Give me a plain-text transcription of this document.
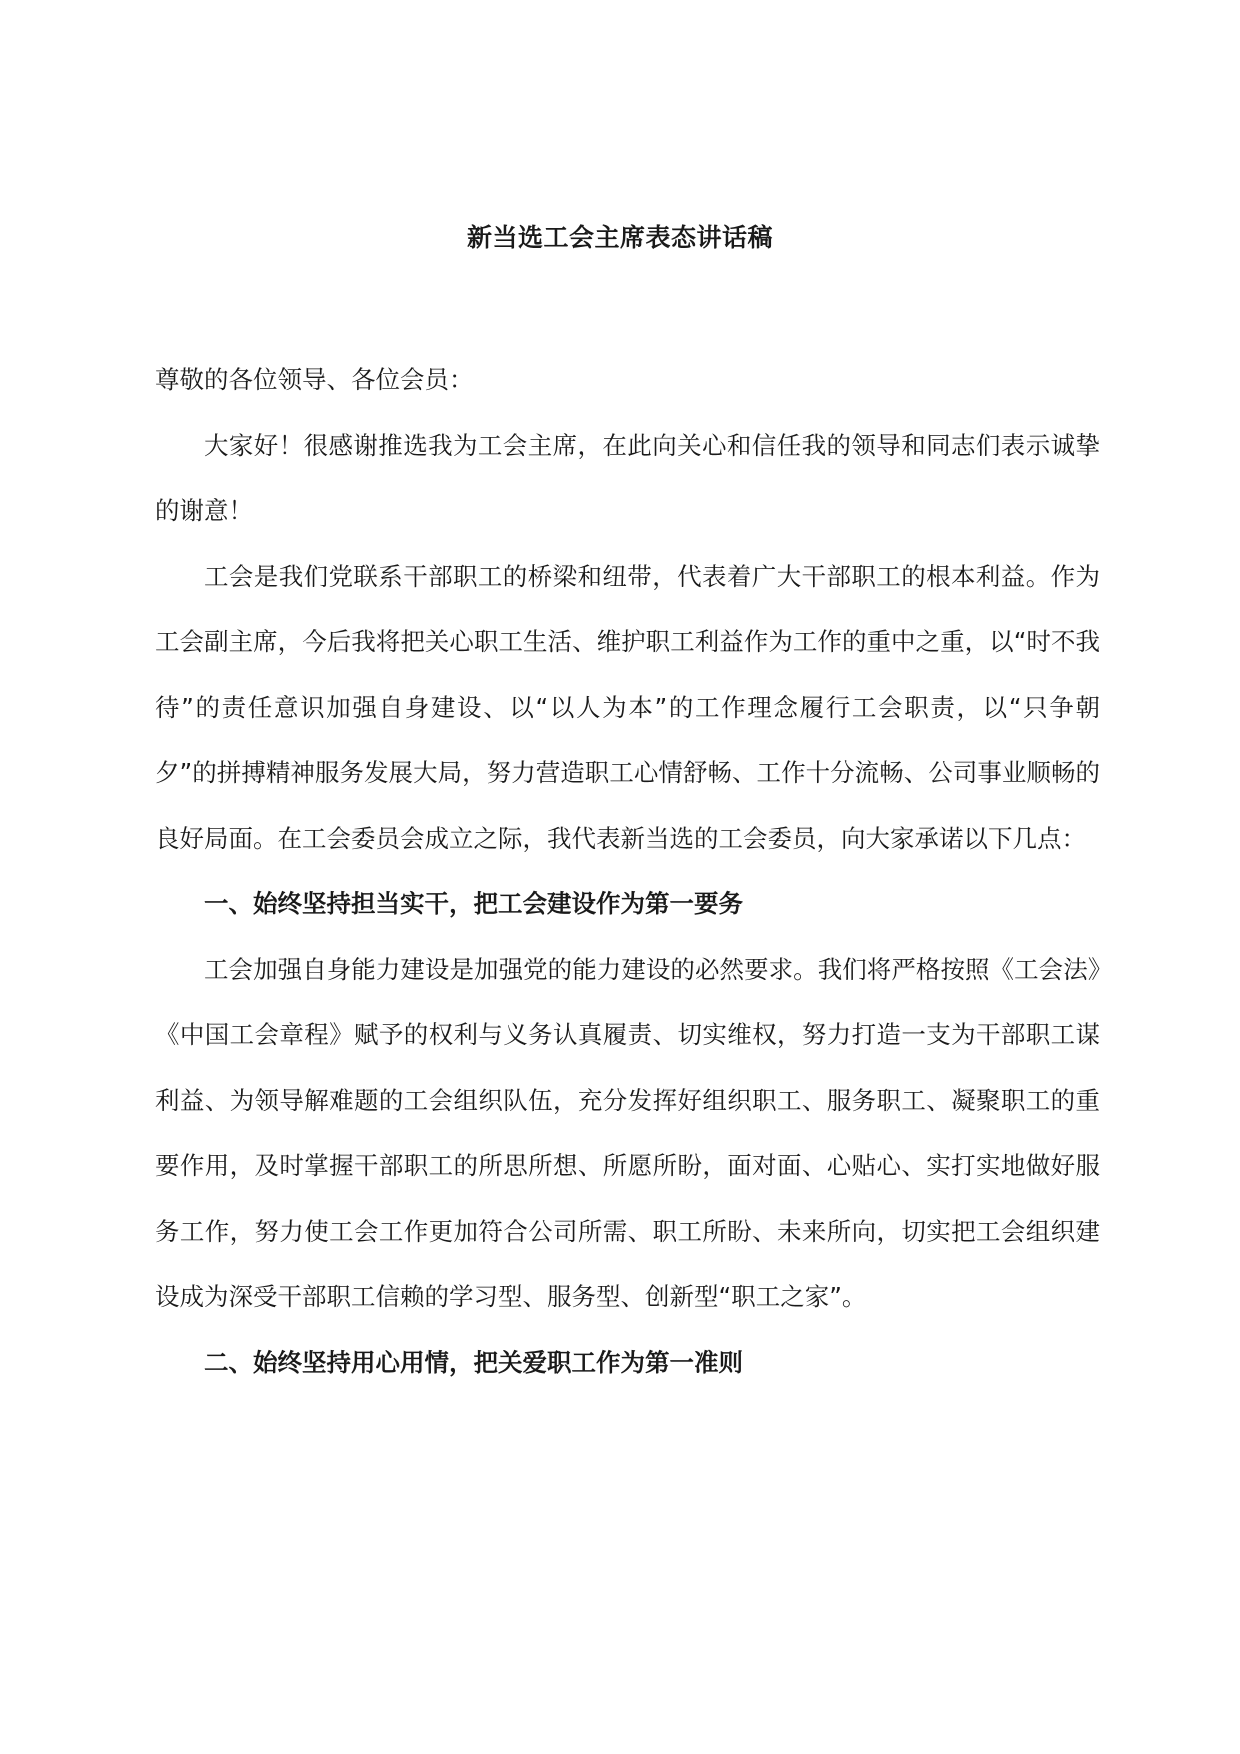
新当选工会主席表态讲话稿

尊敬的各位领导、各位会员：

大家好！很感谢推选我为工会主席，在此向关心和信任我的领导和同志们表示诚挚的谢意！

工会是我们党联系干部职工的桥梁和纽带，代表着广大干部职工的根本利益。作为工会副主席，今后我将把关心职工生活、维护职工利益作为工作的重中之重，以“时不我待”的责任意识加强自身建设、以“以人为本”的工作理念履行工会职责，以“只争朝夕”的拼搏精神服务发展大局，努力营造职工心情舒畅、工作十分流畅、公司事业顺畅的良好局面。在工会委员会成立之际，我代表新当选的工会委员，向大家承诺以下几点：

一、始终坚持担当实干，把工会建设作为第一要务

工会加强自身能力建设是加强党的能力建设的必然要求。我们将严格按照《工会法》《中国工会章程》赋予的权利与义务认真履责、切实维权，努力打造一支为干部职工谋利益、为领导解难题的工会组织队伍，充分发挥好组织职工、服务职工、凝聚职工的重要作用，及时掌握干部职工的所思所想、所愿所盼，面对面、心贴心、实打实地做好服务工作，努力使工会工作更加符合公司所需、职工所盼、未来所向，切实把工会组织建设成为深受干部职工信赖的学习型、服务型、创新型“职工之家”。

二、始终坚持用心用情，把关爱职工作为第一准则
